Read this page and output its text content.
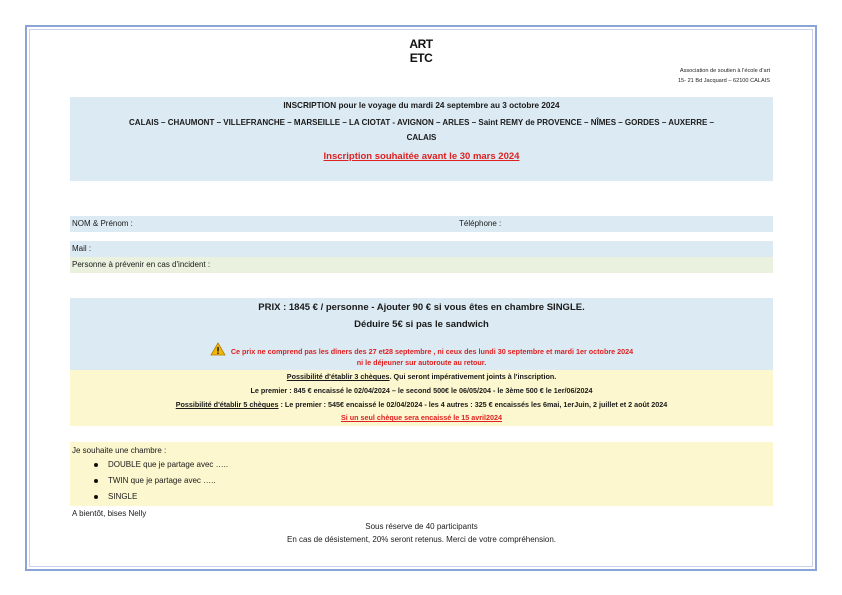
ART
ETC
Association de soutien à l'école d'art
15- 21 Bd Jacquard – 62100 CALAIS
INSCRIPTION pour le voyage du mardi 24 septembre au 3 octobre 2024
CALAIS – CHAUMONT – VILLEFRANCHE – MARSEILLE – LA CIOTAT - AVIGNON – ARLES – Saint REMY de PROVENCE – NÎMES – GORDES – AUXERRE –
CALAIS
Inscription souhaitée avant le 30 mars 2024
NOM & Prénom :	Téléphone :
Mail :
Personne à prévenir en cas d'incident :
PRIX : 1845 € / personne - Ajouter 90 € si vous êtes en chambre SINGLE.
Déduire 5€ si pas le sandwich
Ce prix ne comprend pas les dîners des 27 et28 septembre , ni ceux des lundi 30 septembre et mardi 1er octobre 2024
ni le déjeuner sur autoroute au retour.
Possibilité d'établir 3 chèques. Qui seront impérativement joints à l'inscription.
Le premier : 845 € encaissé le 02/04/2024 – le second 500€ le 06/05/204 - le 3ème 500 € le 1er/06/2024
Possibilité d'établir 5 chèques : Le premier : 545€ encaissé le 02/04/2024 - les 4 autres : 325 € encaissés les 6mai, 1erJuin, 2 juillet et 2 août 2024
Si un seul chèque sera encaissé le 15 avril2024
Je souhaite une chambre :
DOUBLE que je partage avec …..
TWIN que je partage avec …..
SINGLE
A bientôt, bises Nelly
Sous réserve de 40 participants
En cas de désistement, 20% seront retenus. Merci de votre compréhension.
